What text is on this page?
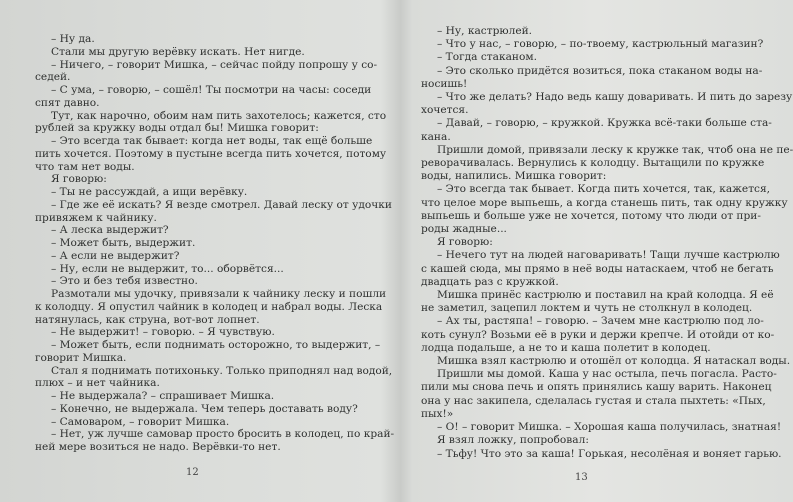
– Ну да.
Стали мы другую верёвку искать. Нет нигде.
– Ничего, – говорит Мишка, – сейчас пойду попрошу у со-
седей.
– С ума, – говорю, – сошёл! Ты посмотри на часы: соседи
спят давно.
Тут, как нарочно, обоим нам пить захотелось; кажется, сто
рублей за кружку воды отдал бы! Мишка говорит:
– Это всегда так бывает: когда нет воды, так ещё больше
пить хочется. Поэтому в пустыне всегда пить хочется, потому
что там нет воды.
Я говорю:
– Ты не рассуждай, а ищи верёвку.
– Где же её искать? Я везде смотрел. Давай леску от удочки
привяжем к чайнику.
– А леска выдержит?
– Может быть, выдержит.
– А если не выдержит?
– Ну, если не выдержит, то... оборвётся...
– Это и без тебя известно.
Размотали мы удочку, привязали к чайнику леску и пошли
к колодцу. Я опустил чайник в колодец и набрал воды. Леска
натянулась, как струна, вот-вот лопнет.
– Не выдержит! – говорю. – Я чувствую.
– Может быть, если поднимать осторожно, то выдержит, –
говорит Мишка.
Стал я поднимать потихоньку. Только приподнял над водой,
плюх – и нет чайника.
– Не выдержала? – спрашивает Мишка.
– Конечно, не выдержала. Чем теперь доставать воду?
– Самоваром, – говорит Мишка.
– Нет, уж лучше самовар просто бросить в колодец, по край-
ней мере возиться не надо. Верёвки-то нет.
– Ну, кастрюлей.
– Что у нас, – говорю, – по-твоему, кастрюльный магазин?
– Тогда стаканом.
– Это сколько придётся возиться, пока стаканом воды на-
носишь!
– Что же делать? Надо ведь кашу доваривать. И пить до зарезу
хочется.
– Давай, – говорю, – кружкой. Кружка всё-таки больше ста-
кана.
Пришли домой, привязали леску к кружке так, чтоб она не пе-
реворачивалась. Вернулись к колодцу. Вытащили по кружке
воды, напились. Мишка говорит:
– Это всегда так бывает. Когда пить хочется, так, кажется,
что целое море выпьешь, а когда станешь пить, так одну кружку
выпьешь и больше уже не хочется, потому что люди от при-
роды жадные...
Я говорю:
– Нечего тут на людей наговаривать! Тащи лучше кастрюлю
с кашей сюда, мы прямо в неё воды натаскаем, чтоб не бегать
двадцать раз с кружкой.
Мишка принёс кастрюлю и поставил на край колодца. Я её
не заметил, зацепил локтем и чуть не столкнул в колодец.
– Ах ты, растяпа! – говорю. – Зачем мне кастрюлю под ло-
коть сунул? Возьми её в руки и держи крепче. И отойди от ко-
лодца подальше, а не то и каша полетит в колодец.
Мишка взял кастрюлю и отошёл от колодца. Я натаскал воды.
Пришли мы домой. Каша у нас остыла, печь погасла. Расто-
пили мы снова печь и опять принялись кашу варить. Наконец
она у нас закипела, сделалась густая и стала пыхтеть: «Пых,
пых!»
– О! – говорит Мишка. – Хорошая каша получилась, знатная!
Я взял ложку, попробовал:
– Тьфу! Что это за каша! Горькая, несолёная и воняет гарью.
12	13
